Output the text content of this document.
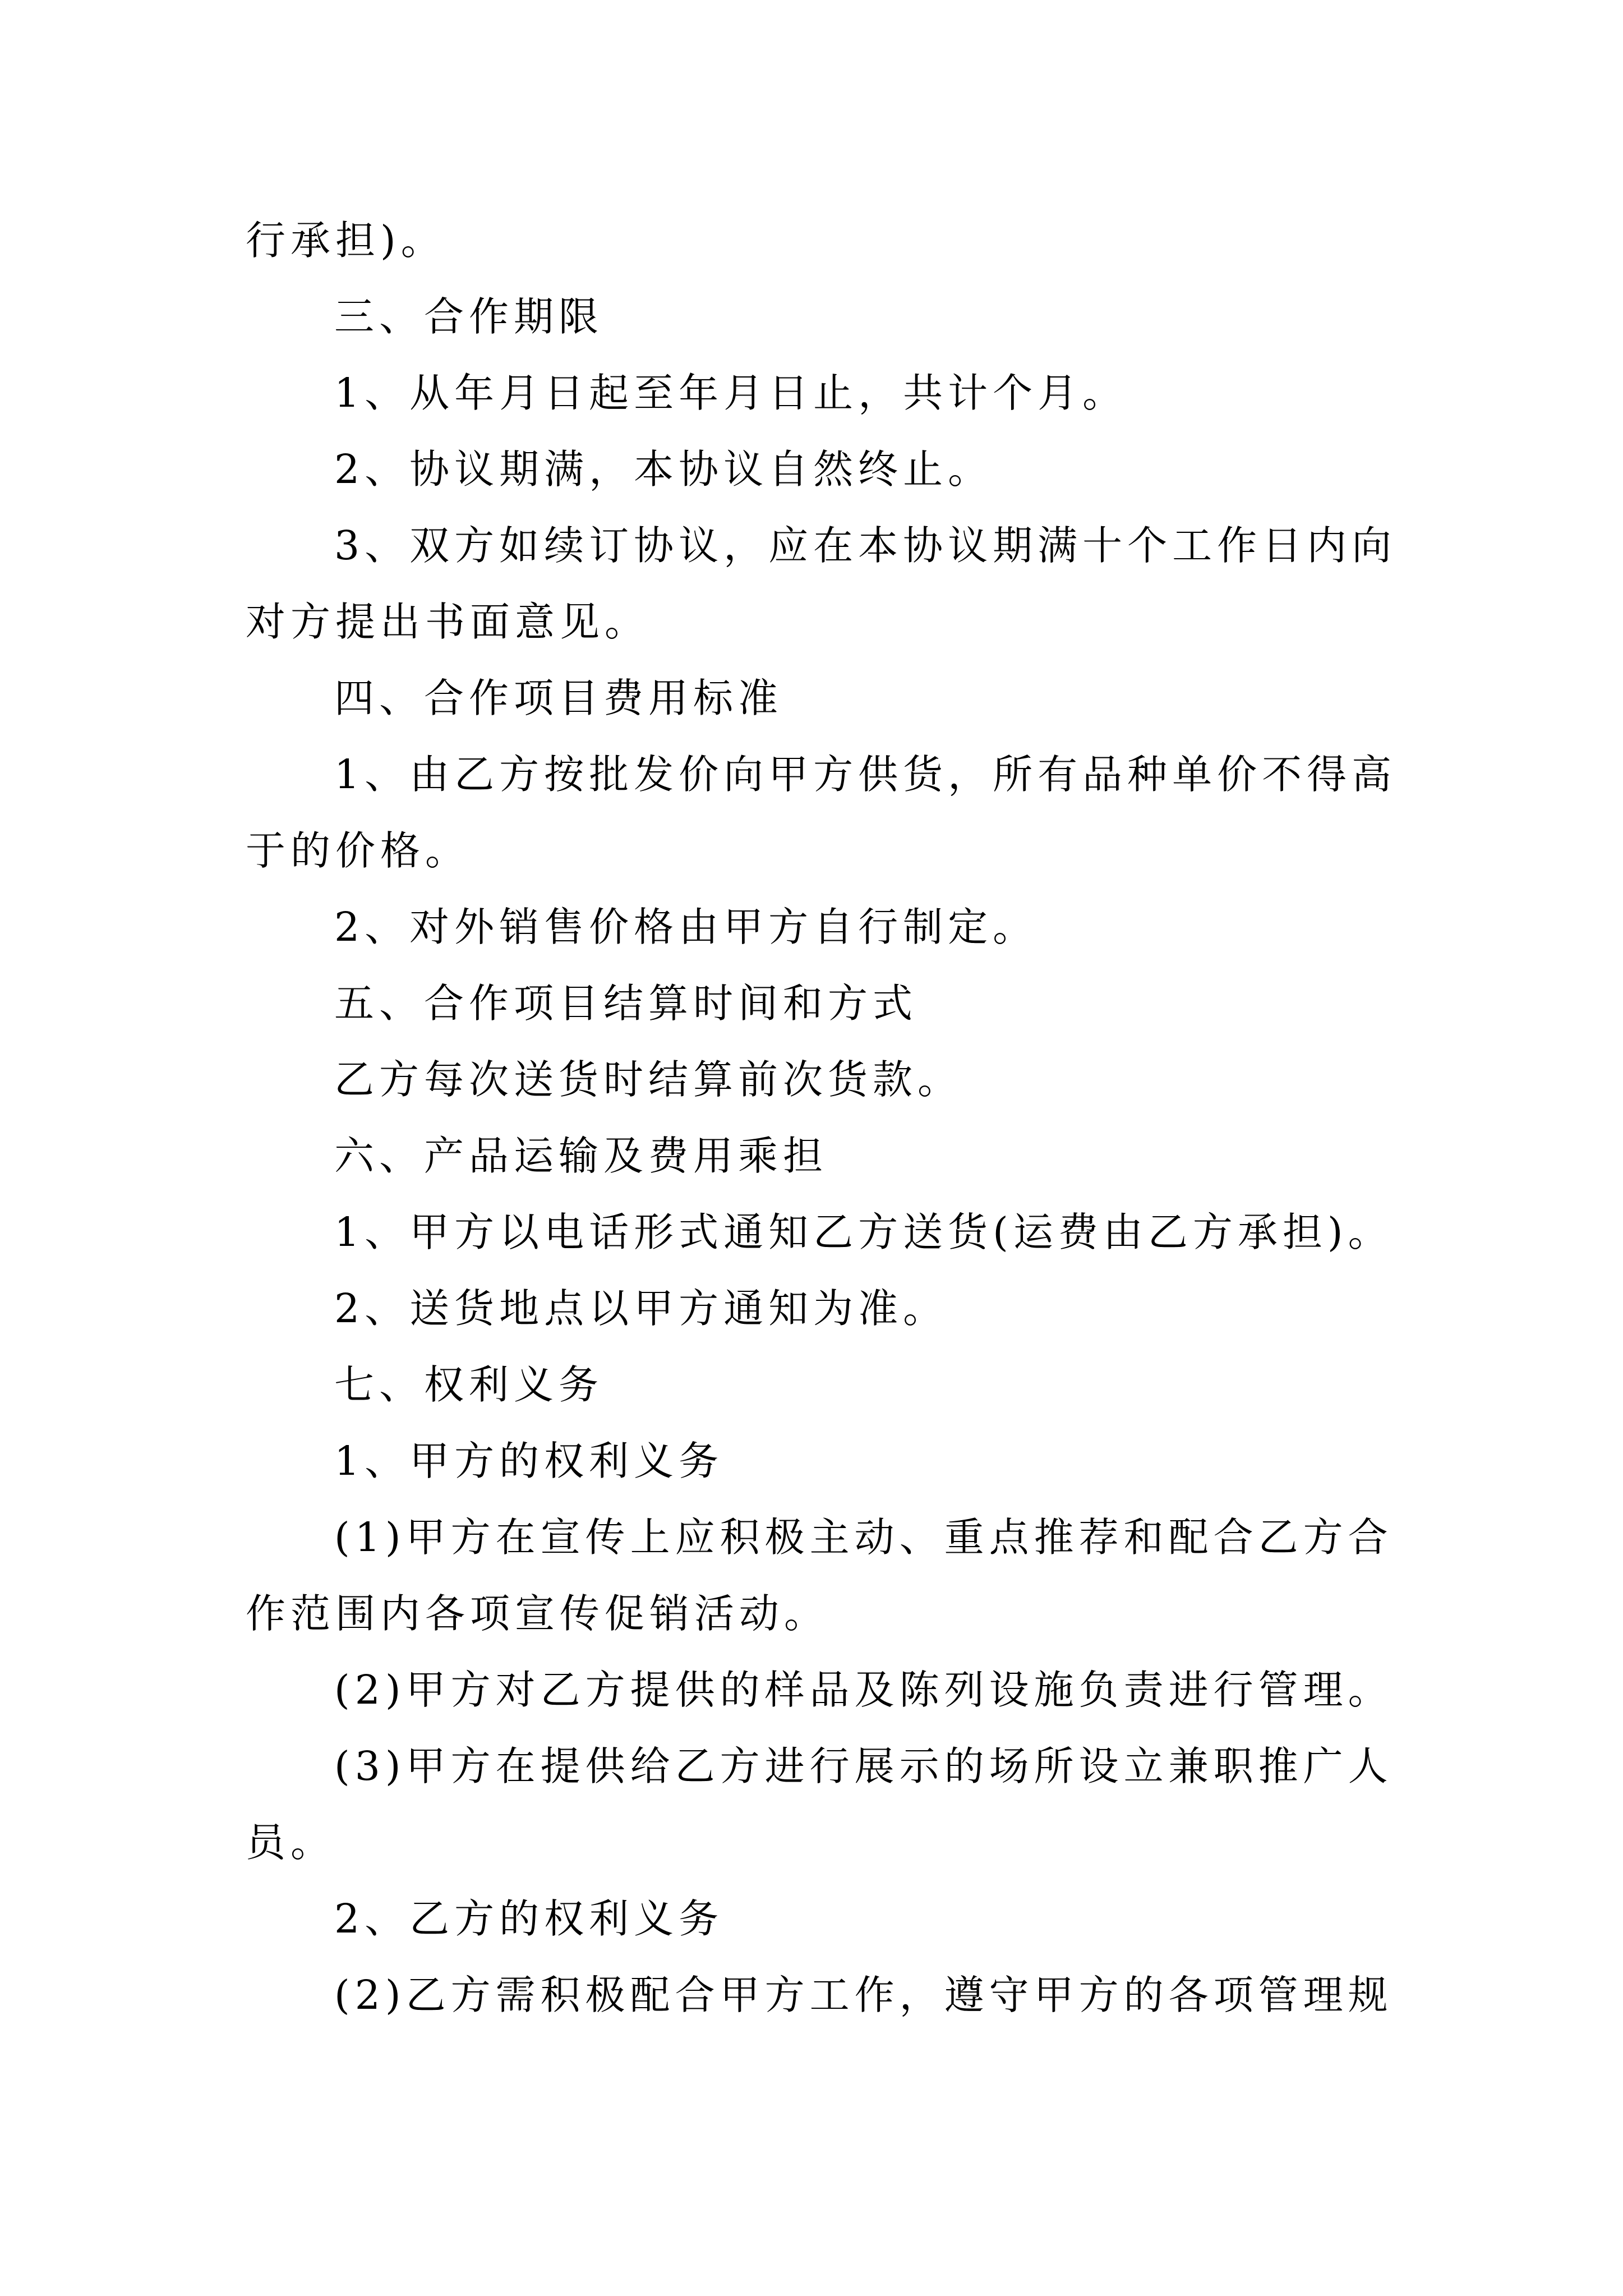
行承担)。

三、合作期限

1、从年月日起至年月日止，共计个月。

2、协议期满，本协议自然终止。

3、双方如续订协议，应在本协议期满十个工作日内向

对方提出书面意见。

四、合作项目费用标准

1、由乙方按批发价向甲方供货，所有品种单价不得高

于的价格。

2、对外销售价格由甲方自行制定。

五、合作项目结算时间和方式

乙方每次送货时结算前次货款。

六、产品运输及费用乘担

1、甲方以电话形式通知乙方送货(运费由乙方承担)。

2、送货地点以甲方通知为准。

七、权利义务

1、甲方的权利义务

(1)甲方在宣传上应积极主动、重点推荐和配合乙方合

作范围内各项宣传促销活动。

(2)甲方对乙方提供的样品及陈列设施负责进行管理。

(3)甲方在提供给乙方进行展示的场所设立兼职推广人

员。

2、乙方的权利义务

(2)乙方需积极配合甲方工作，遵守甲方的各项管理规
